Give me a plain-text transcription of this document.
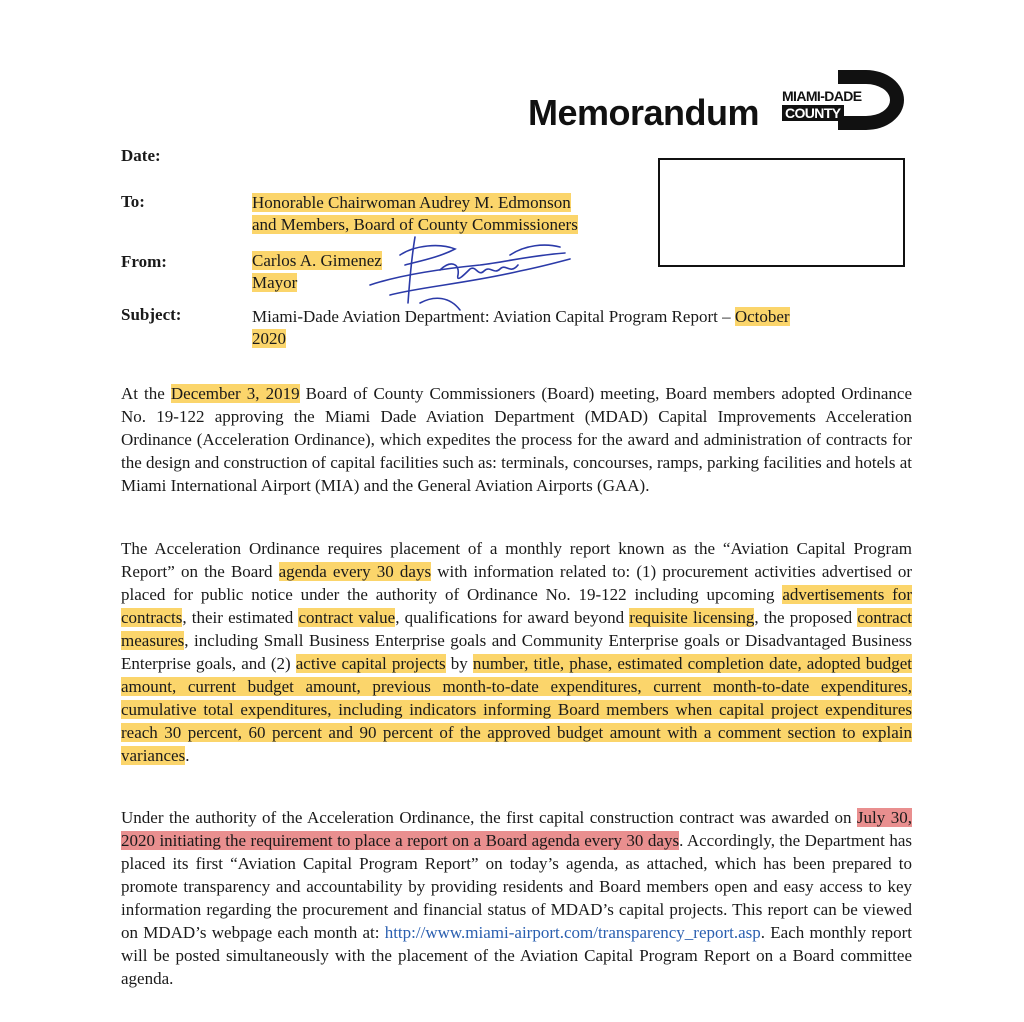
Memorandum MIAMI-DADE
COUNTY
Date:
To:	Honorable Chairwoman Audrey M. Edmonson
and Members, Board of County Commissioners
From:	Carlos A. Gimenez
Mayor
Subject:	Miami-Dade Aviation Department: Aviation Capital Program Report – October
2020
At the December 3, 2019 Board of County Commissioners (Board) meeting, Board members adopted Ordinance No. 19-122 approving the Miami Dade Aviation Department (MDAD) Capital Improvements Acceleration Ordinance (Acceleration Ordinance), which expedites the process for the award and administration of contracts for the design and construction of capital facilities such as: terminals, concourses, ramps, parking facilities and hotels at Miami International Airport (MIA) and the General Aviation Airports (GAA).
The Acceleration Ordinance requires placement of a monthly report known as the “Aviation Capital Program Report” on the Board agenda every 30 days with information related to: (1) procurement activities advertised or placed for public notice under the authority of Ordinance No. 19-122 including upcoming advertisements for contracts, their estimated contract value, qualifications for award beyond requisite licensing, the proposed contract measures, including Small Business Enterprise goals and Community Enterprise goals or Disadvantaged Business Enterprise goals, and (2) active capital projects by number, title, phase, estimated completion date, adopted budget amount, current budget amount, previous month-to-date expenditures, current month-to-date expenditures, cumulative total expenditures, including indicators informing Board members when capital project expenditures reach 30 percent, 60 percent and 90 percent of the approved budget amount with a comment section to explain variances.
Under the authority of the Acceleration Ordinance, the first capital construction contract was awarded on July 30, 2020 initiating the requirement to place a report on a Board agenda every 30 days. Accordingly, the Department has placed its first “Aviation Capital Program Report” on today’s agenda, as attached, which has been prepared to promote transparency and accountability by providing residents and Board members open and easy access to key information regarding the procurement and financial status of MDAD’s capital projects. This report can be viewed on MDAD’s webpage each month at: http://www.miami-airport.com/transparency_report.asp. Each monthly report will be posted simultaneously with the placement of the Aviation Capital Program Report on a Board committee agenda.
